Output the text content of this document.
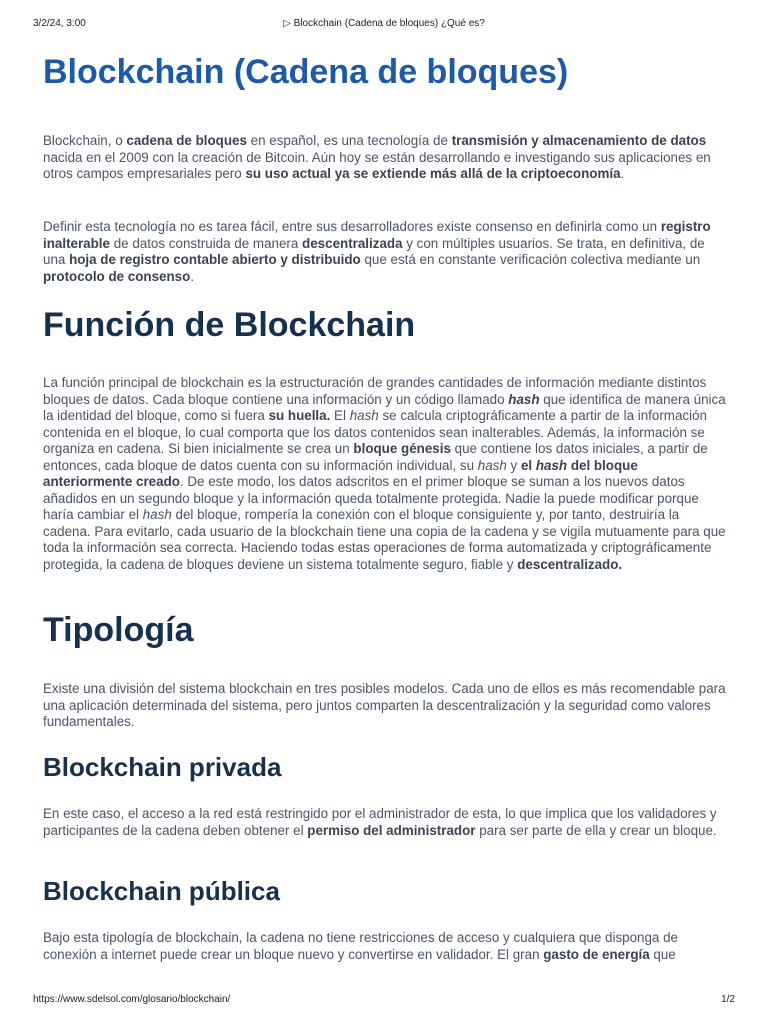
3/2/24, 3:00	▷ Blockchain (Cadena de bloques) ¿Qué es?
Blockchain (Cadena de bloques)

Blockchain, o cadena de bloques en español, es una tecnología de transmisión y almacenamiento de datos nacida en el 2009 con la creación de Bitcoin. Aún hoy se están desarrollando e investigando sus aplicaciones en otros campos empresariales pero su uso actual ya se extiende más allá de la criptoeconomía.

Definir esta tecnología no es tarea fácil, entre sus desarrolladores existe consenso en definirla como un registro inalterable de datos construida de manera descentralizada y con múltiples usuarios. Se trata, en definitiva, de una hoja de registro contable abierto y distribuido que está en constante verificación colectiva mediante un protocolo de consenso.

Función de Blockchain

La función principal de blockchain es la estructuración de grandes cantidades de información mediante distintos bloques de datos. Cada bloque contiene una información y un código llamado hash que identifica de manera única la identidad del bloque, como si fuera su huella. El hash se calcula criptográficamente a partir de la información contenida en el bloque, lo cual comporta que los datos contenidos sean inalterables. Además, la información se organiza en cadena. Si bien inicialmente se crea un bloque génesis que contiene los datos iniciales, a partir de entonces, cada bloque de datos cuenta con su información individual, su hash y el hash del bloque anteriormente creado. De este modo, los datos adscritos en el primer bloque se suman a los nuevos datos añadidos en un segundo bloque y la información queda totalmente protegida. Nadie la puede modificar porque haría cambiar el hash del bloque, rompería la conexión con el bloque consiguiente y, por tanto, destruiría la cadena. Para evitarlo, cada usuario de la blockchain tiene una copia de la cadena y se vigila mutuamente para que toda la información sea correcta. Haciendo todas estas operaciones de forma automatizada y criptográficamente protegida, la cadena de bloques deviene un sistema totalmente seguro, fiable y descentralizado.

Tipología

Existe una división del sistema blockchain en tres posibles modelos. Cada uno de ellos es más recomendable para una aplicación determinada del sistema, pero juntos comparten la descentralización y la seguridad como valores fundamentales.

Blockchain privada

En este caso, el acceso a la red está restringido por el administrador de esta, lo que implica que los validadores y participantes de la cadena deben obtener el permiso del administrador para ser parte de ella y crear un bloque.

Blockchain pública

Bajo esta tipología de blockchain, la cadena no tiene restricciones de acceso y cualquiera que disponga de conexión a internet puede crear un bloque nuevo y convertirse en validador. El gran gasto de energía que

https://www.sdelsol.com/glosario/blockchain/	1/2
